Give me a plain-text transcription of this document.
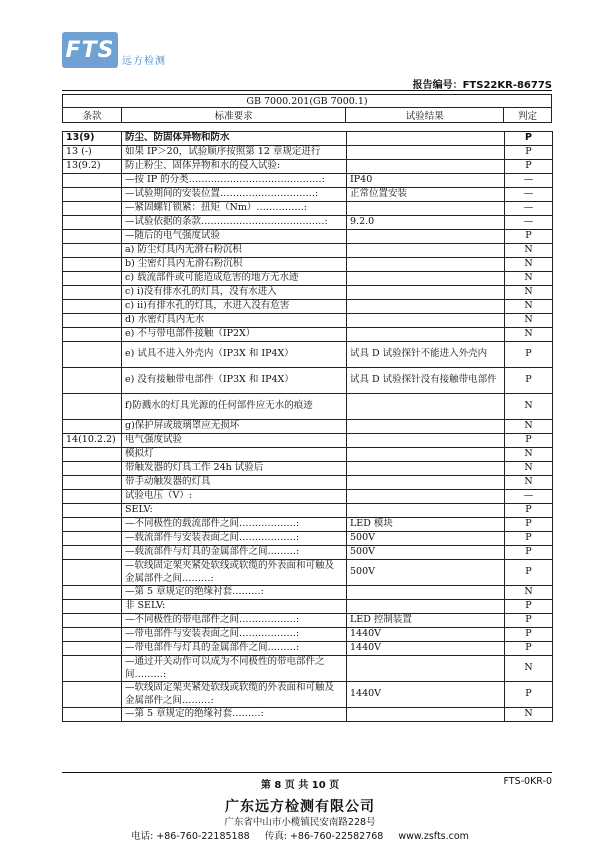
FTS 远方检测
报告编号：FTS22KR-8677S
GB 7000.201(GB 7000.1)
条款	标准要求	试验结果	判定
13(9)	防尘、防固体异物和防水		P
13 (-)	如果 IP＞20，试验顺序按照第 12 章规定进行		P
13(9.2)	防止粉尘、固体异物和水的侵入试验:		P
	—按 IP 的分类……………………………………:	IP40	—
	—试验期间的安装位置…………………………:	正常位置安装	—
	—紧固螺钉锁紧：扭矩（Nm）……………:		—
	—试验依据的条款…………………………………:	9.2.0	—
	—随后的电气强度试验		P
	a) 防尘灯具内无滑石粉沉积		N
	b) 尘密灯具内无滑石粉沉积		N
	c) 载流部件或可能造成危害的地方无水迹		N
	c) i)没有排水孔的灯具，没有水进入		N
	c) ii)有排水孔的灯具，水进入没有危害		N
	d) 水密灯具内无水		N
	e) 不与带电部件接触（IP2X）		N
	e) 试具不进入外壳内（IP3X 和 IP4X）	试具 D 试验探针不能进入外壳内	P
	e) 没有接触带电部件（IP3X 和 IP4X）	试具 D 试验探针没有接触带电部件	P
	f)防溅水的灯具光源的任何部件应无水的痕迹		N
	g)保护屏或玻璃罩应无损坏		N
14(10.2.2)	电气强度试验		P
	模拟灯		N
	带触发器的灯具工作 24h 试验后		N
	带手动触发器的灯具		N
	试验电压（V）:		—
	SELV:		P
	—不同极性的载流部件之间………………:	LED 模块	P
	—载流部件与安装表面之间………………:	500V	P
	—载流部件与灯具的金属部件之间………:	500V	P
	—软线固定架夹紧处软线或软缆的外表面和可触及金属部件之间………:	500V	P
	—第 5 章规定的绝缘衬套………:		N
	非 SELV:		P
	—不同极性的带电部件之间………………:	LED 控制装置	P
	—带电部件与安装表面之间………………:	1440V	P
	—带电部件与灯具的金属部件之间………:	1440V	P
	—通过开关动作可以成为不同极性的带电部件之间………:		N
	—软线固定架夹紧处软线或软缆的外表面和可触及金属部件之间………:	1440V	P
	—第 5 章规定的绝缘衬套………:		N
第 8 页 共 10 页	FTS-0KR-0
广东远方检测有限公司
广东省中山市小榄镇民安南路228号
电话: +86-760-22185188 传真: +86-760-22582768 www.zsfts.com
